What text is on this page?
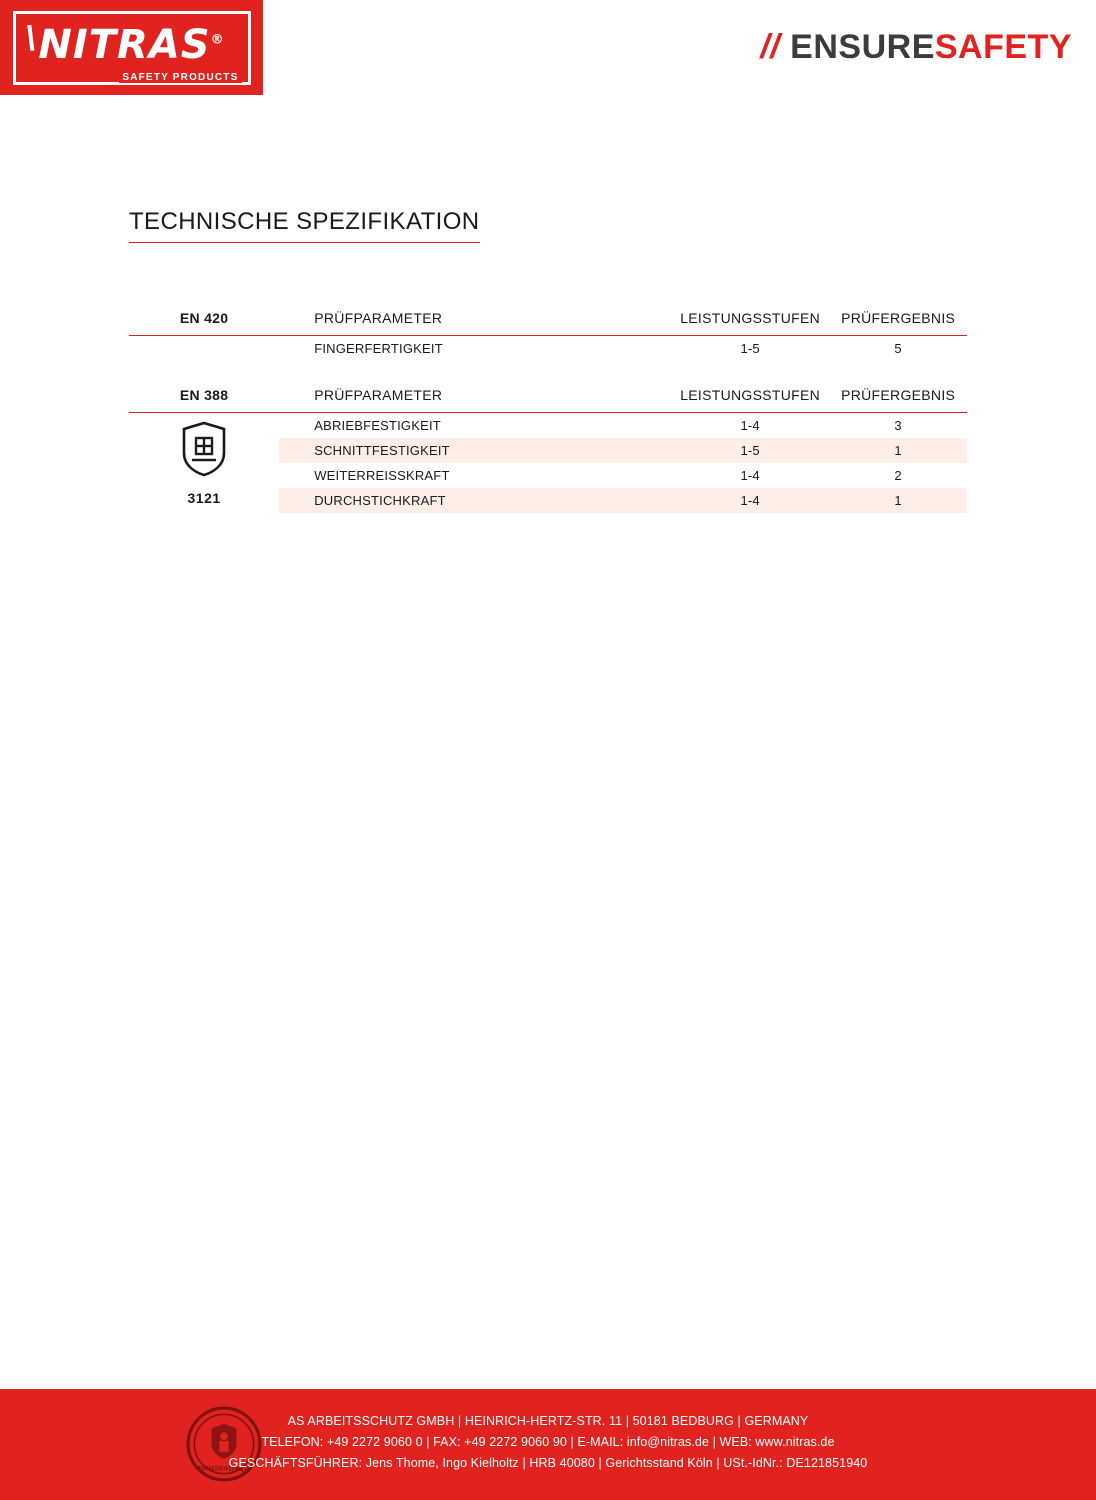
\ NITRAS®
SAFETY PRODUCTS
// ENSURESAFETY
TECHNISCHE SPEZIFIKATION
EN 420	PRÜFPARAMETER	LEISTUNGSSTUFEN	PRÜFERGEBNIS
	FINGERFERTIGKEIT	1-5	5

EN 388	PRÜFPARAMETER	LEISTUNGSSTUFEN	PRÜFERGEBNIS

3121	ABRIEBFESTIGKEIT	1-4	3
	SCHNITTFESTIGKEIT	1-5	1
	WEITERREISSKRAFT	1-4	2
	DURCHSTICHKRAFT	1-4	1
arbeitsschutz
AS ARBEITSSCHUTZ GMBH | HEINRICH-HERTZ-STR. 11 | 50181 BEDBURG | GERMANY
TELEFON: +49 2272 9060 0 | FAX: +49 2272 9060 90 | E-MAIL: info@nitras.de | WEB: www.nitras.de
GESCHÄFTSFÜHRER: Jens Thome, Ingo Kielholtz | HRB 40080 | Gerichtsstand Köln | USt.-IdNr.: DE121851940
